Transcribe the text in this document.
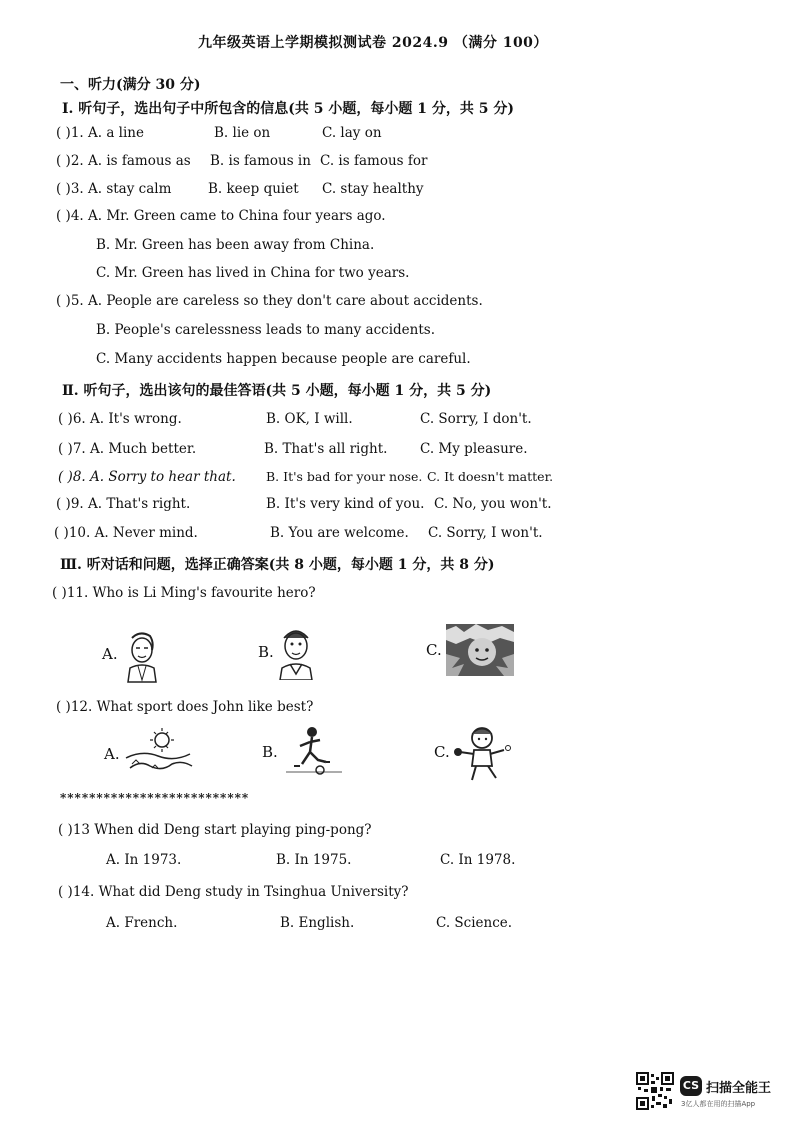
九年级英语上学期模拟测试卷 2024.9 （满分 100）
一、听力(满分 30 分)
Ⅰ. 听句子，选出句子中所包含的信息(共 5 小题，每小题 1 分，共 5 分)
( )1. A. a line	B. lie on	C. lay on
( )2. A. is famous as B. is famous in C. is famous for
( )3. A. stay calm	B. keep quiet C. stay healthy
( )4. A. Mr. Green came to China four years ago.
B. Mr. Green has been away from China.
C. Mr. Green has lived in China for two years.
( )5. A. People are careless so they don't care about accidents.
B. People's carelessness leads to many accidents.
C. Many accidents happen because people are careful.
Ⅱ. 听句子，选出该句的最佳答语(共 5 小题，每小题 1 分，共 5 分)
( )6. A. It's wrong.	B. OK, I will.	C. Sorry, I don't.
( )7. A. Much better.	B. That's all right. C. My pleasure.
( )8. A. Sorry to hear that. B. It's bad for your nose. C. It doesn't matter.
( )9. A. That's right.	B. It's very kind of you. C. No, you won't.
( )10. A. Never mind.	B. You are welcome. C. Sorry, I won't.
Ⅲ. 听对话和问题，选择正确答案(共 8 小题，每小题 1 分，共 8 分)
( )11. Who is Li Ming's favourite hero?
A.	B.	C.
( )12. What sport does John like best?
A.	B.	C.
**************************
( )13 When did Deng start playing ping-pong?
A. In 1973.	B. In 1975.	C. In 1978.
( )14. What did Deng study in Tsinghua University?
A. French.	B. English.	C. Science.
CS 扫描全能王
3亿人都在用的扫描App
